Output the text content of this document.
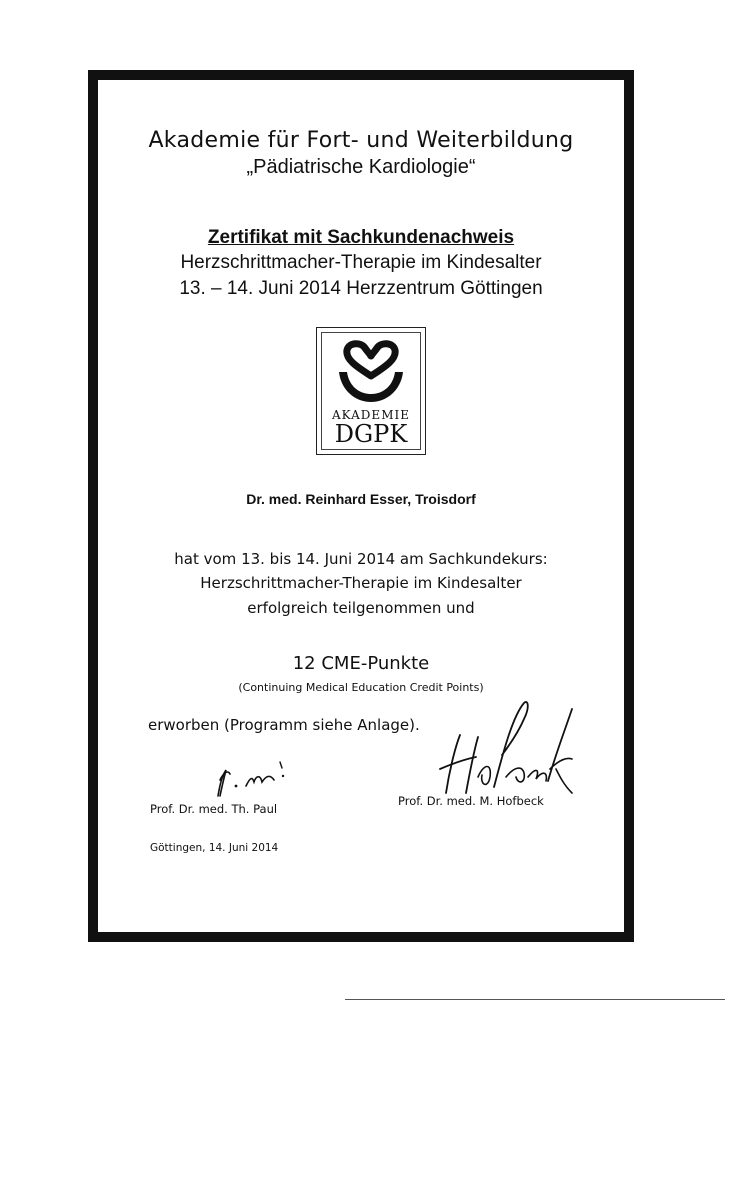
Akademie für Fort- und Weiterbildung
„Pädiatrische Kardiologie“
Zertifikat mit Sachkundenachweis
Herzschrittmacher-Therapie im Kindesalter
13. – 14. Juni 2014 Herzzentrum Göttingen
AKADEMIE
DGPK
Dr. med. Reinhard Esser, Troisdorf
hat vom 13. bis 14. Juni 2014 am Sachkundekurs:
Herzschrittmacher-Therapie im Kindesalter
erfolgreich teilgenommen und
12 CME-Punkte
(Continuing Medical Education Credit Points)
erworben (Programm siehe Anlage).
Prof. Dr. med. Th. Paul
Prof. Dr. med. M. Hofbeck
Göttingen, 14. Juni 2014
